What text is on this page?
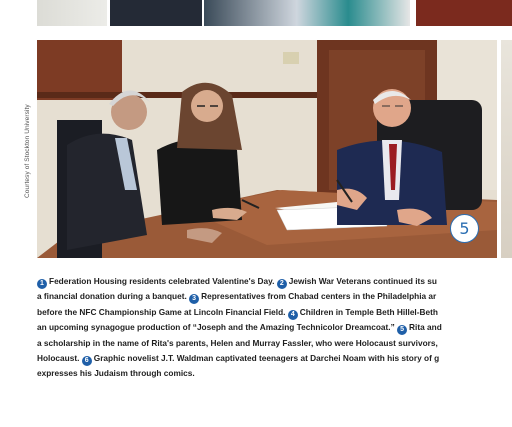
Courtesy of Stockton University
5
1 Federation Housing residents celebrated Valentine's Day. 2 Jewish War Veterans continued its su
a financial donation during a banquet. 3 Representatives from Chabad centers in the Philadelphia ar
before the NFC Championship Game at Lincoln Financial Field. 4 Children in Temple Beth Hillel-Beth
an upcoming synagogue production of “Joseph and the Amazing Technicolor Dreamcoat.” 5 Rita and
a scholarship in the name of Rita's parents, Helen and Murray Fassler, who were Holocaust survivors,
Holocaust. 6 Graphic novelist J.T. Waldman captivated teenagers at Darchei Noam with his story of g
expresses his Judaism through comics.
